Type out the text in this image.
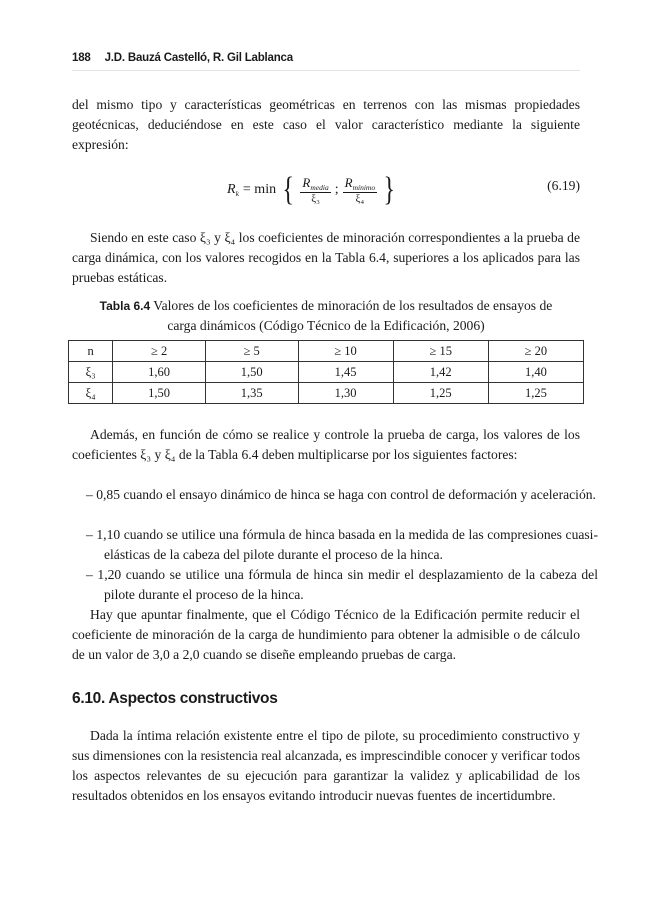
188 J.D. Bauzá Castelló, R. Gil Lablanca

del mismo tipo y características geométricas en terrenos con las mismas propiedades geotécnicas, deduciéndose en este caso el valor característico mediante la siguiente expresión:

$R_k = \min$ { $\frac{R_{media}}{\text{ξ₃}}$ ; $\frac{R_{mínimo}}{\text{ξ₄}}$ }	(6.19)

Siendo en este caso ξ₃ y ξ₄ los coeficientes de minoración correspondientes a la prueba de carga dinámica, con los valores recogidos en la Tabla 6.4, superiores a los aplicados para las pruebas estáticas.

Tabla 6.4 Valores de los coeficientes de minoración de los resultados de ensayos de
carga dinámicos (Código Técnico de la Edificación, 2006)
n	≥ 2	≥ 5	≥ 10	≥ 15	≥ 20
ξ₃	1,60	1,50	1,45	1,42	1,40
ξ₄	1,50	1,35	1,30	1,25	1,25

Además, en función de cómo se realice y controle la prueba de carga, los valores de los coeficientes ξ₃ y ξ₄ de la Tabla 6.4 deben multiplicarse por los siguientes factores:

– 0,85 cuando el ensayo dinámico de hinca se haga con control de deformación y aceleración.

– 1,10 cuando se utilice una fórmula de hinca basada en la medida de las compresiones cuasi-elásticas de la cabeza del pilote durante el proceso de la hinca.

– 1,20 cuando se utilice una fórmula de hinca sin medir el desplazamiento de la cabeza del pilote durante el proceso de la hinca.

Hay que apuntar finalmente, que el Código Técnico de la Edificación permite reducir el coeficiente de minoración de la carga de hundimiento para obtener la admisible o de cálculo de un valor de 3,0 a 2,0 cuando se diseñe empleando pruebas de carga.

6.10. Aspectos constructivos

Dada la íntima relación existente entre el tipo de pilote, su procedimiento constructivo y sus dimensiones con la resistencia real alcanzada, es imprescindible conocer y verificar todos los aspectos relevantes de su ejecución para garantizar la validez y aplicabilidad de los resultados obtenidos en los ensayos evitando introducir nuevas fuentes de incertidumbre.
